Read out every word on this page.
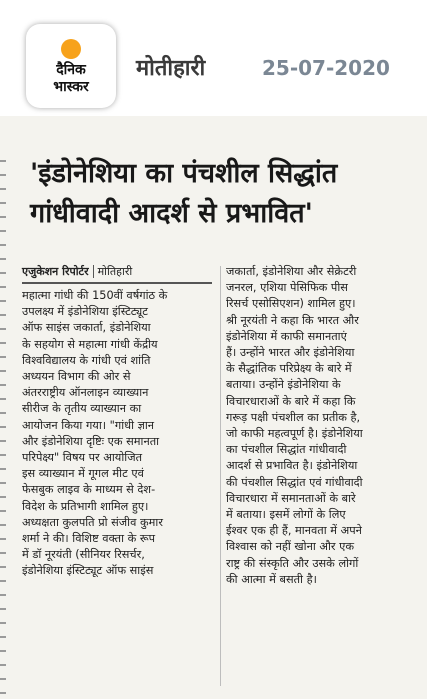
दैनिक
भास्कर
मोतीहारी	25-07-2020
'इंडोनेशिया का पंचशील सिद्धांत
गांधीवादी आदर्श से प्रभावित'
एजुकेशन रिपोर्टर मोतिहारी
महात्मा गांधी की 150वीं वर्षगांठ के
उपलक्ष्य में इंडोनेशिया इंस्टिट्यूट
ऑफ साइंस जकार्ता, इंडोनेशिया
के सहयोग से महात्मा गांधी केंद्रीय
विश्वविद्यालय के गांधी एवं शांति
अध्ययन विभाग की ओर से
अंतरराष्ट्रीय ऑनलाइन व्याख्यान
सीरीज के तृतीय व्याख्यान का
आयोजन किया गया। "गांधी ज्ञान
और इंडोनेशिया दृष्टिः एक समानता
परिपेक्ष्य" विषय पर आयोजित
इस व्याख्यान में गूगल मीट एवं
फेसबुक लाइव के माध्यम से देश-
विदेश के प्रतिभागी शामिल हुए।
अध्यक्षता कुलपति प्रो संजीव कुमार
शर्मा ने की। विशिष्ट वक्ता के रूप
में डॉ नूरयंती (सीनियर रिसर्चर,
इंडोनेशिया इंस्टिट्यूट ऑफ साइंस
जकार्ता, इंडोनेशिया और सेक्रेटरी
जनरल, एशिया पेसिफिक पीस
रिसर्च एसोसिएशन) शामिल हुए।
श्री नूरयंती ने कहा कि भारत और
इंडोनेशिया में काफी समानताएं
हैं। उन्होंने भारत और इंडोनेशिया
के सैद्धांतिक परिप्रेक्ष्य के बारे में
बताया। उन्होंने इंडोनेशिया के
विचारधाराओं के बारे में कहा कि
गरूड़ पक्षी पंचशील का प्रतीक है,
जो काफी महत्वपूर्ण है। इंडोनेशिया
का पंचशील सिद्धांत गांधीवादी
आदर्श से प्रभावित है। इंडोनेशिया
की पंचशील सिद्धांत एवं गांधीवादी
विचारधारा में समानताओं के बारे
में बताया। इसमें लोगों के लिए
ईश्वर एक ही हैं, मानवता में अपने
विश्वास को नहीं खोना और एक
राष्ट्र की संस्कृति और उसके लोगों
की आत्मा में बसती है।
